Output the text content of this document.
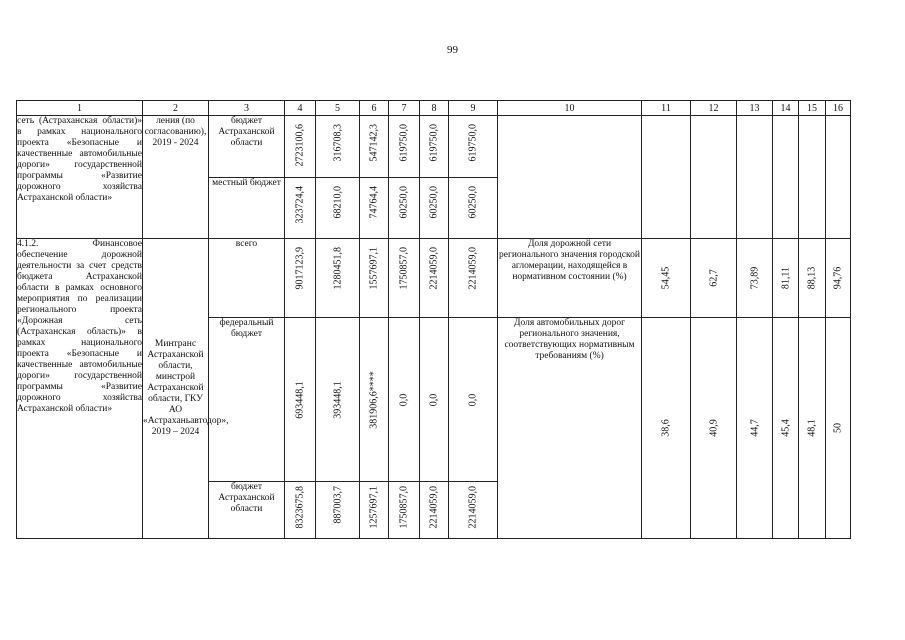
99
1	2	3	4	5	6	7	8	9	10	11	12	13	14	15	16
сеть (Астраханская области)» в рамках национального проекта «Безопасные и качественные автомобильные дороги» государственной программы «Развитие дорожного хозяйства Астраханской области»	ления (по согласованию), 2019 - 2024	бюджет Астраханской области	2723100,6	316708,3	547142,3	619750,0	619750,0	619750,0							

		местный бюджет	323724,4	68210,0	74764,4	60250,0	60250,0	60250,0							

4.1.2. Финансовое обеспечение дорожной деятельности за счет средств бюджета Астраханской области в рамках основного мероприятия по реализации регионального проекта «Дорожная сеть (Астраханская область)» в рамках национального проекта «Безопасные и качественные автомобильные дороги» государственной программы «Развитие дорожного хозяйства Астраханской области»	Минтранс Астраханской области, минстрой Астраханской области, ГКУ АО «Астраханьавтодор», 2019 – 2024	всего	9017123,9	1280451,8	1557697,1	1750857,0	2214059,0	2214059,0	Доля дорожной сети регионального значения городской агломерации, находящейся в нормативном состоянии (%)	54,45	62,7	73,89	81,11	88,13	94,76

		федеральный бюджет	693448,1	393448,1	381906,6****	0,0	0,0	0,0	Доля автомобильных дорог регионального значения, соответствующих нормативным требованиям (%)	38,6	40,9	44,7	45,4	48,1	50

		бюджет Астраханской области	8323675,8	887003,7	1257697,1	1750857,0	2214059,0	2214059,0							
